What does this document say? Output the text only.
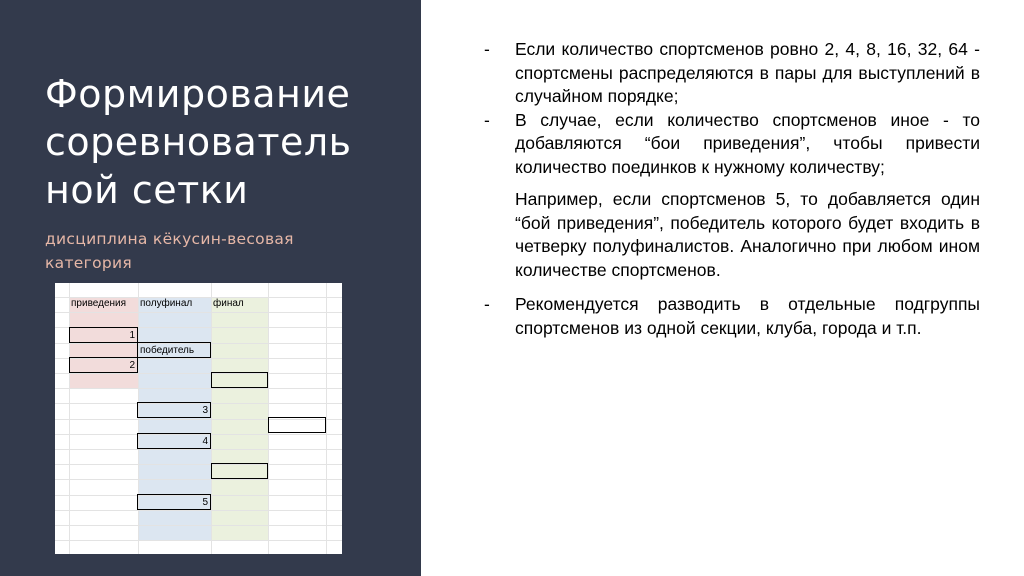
Формирование соревнователь ной сетки
дисциплина кёкусин-весовая категория
приведения полуфинал финал
1
2
победитель
3
4
5
- Если количество спортсменов ровно 2, 4, 8, 16, 32, 64 - спортсмены распределяются в пары для выступлений в случайном порядке;
- В случае, если количество спортсменов иное - то добавляются “бои приведения”, чтобы привести количество поединков к нужному количеству;
Например, если спортсменов 5, то добавляется один “бой приведения”, победитель которого будет входить в четверку полуфиналистов. Аналогично при любом ином количестве спортсменов.
- Рекомендуется разводить в отдельные подгруппы спортсменов из одной секции, клуба, города и т.п.
